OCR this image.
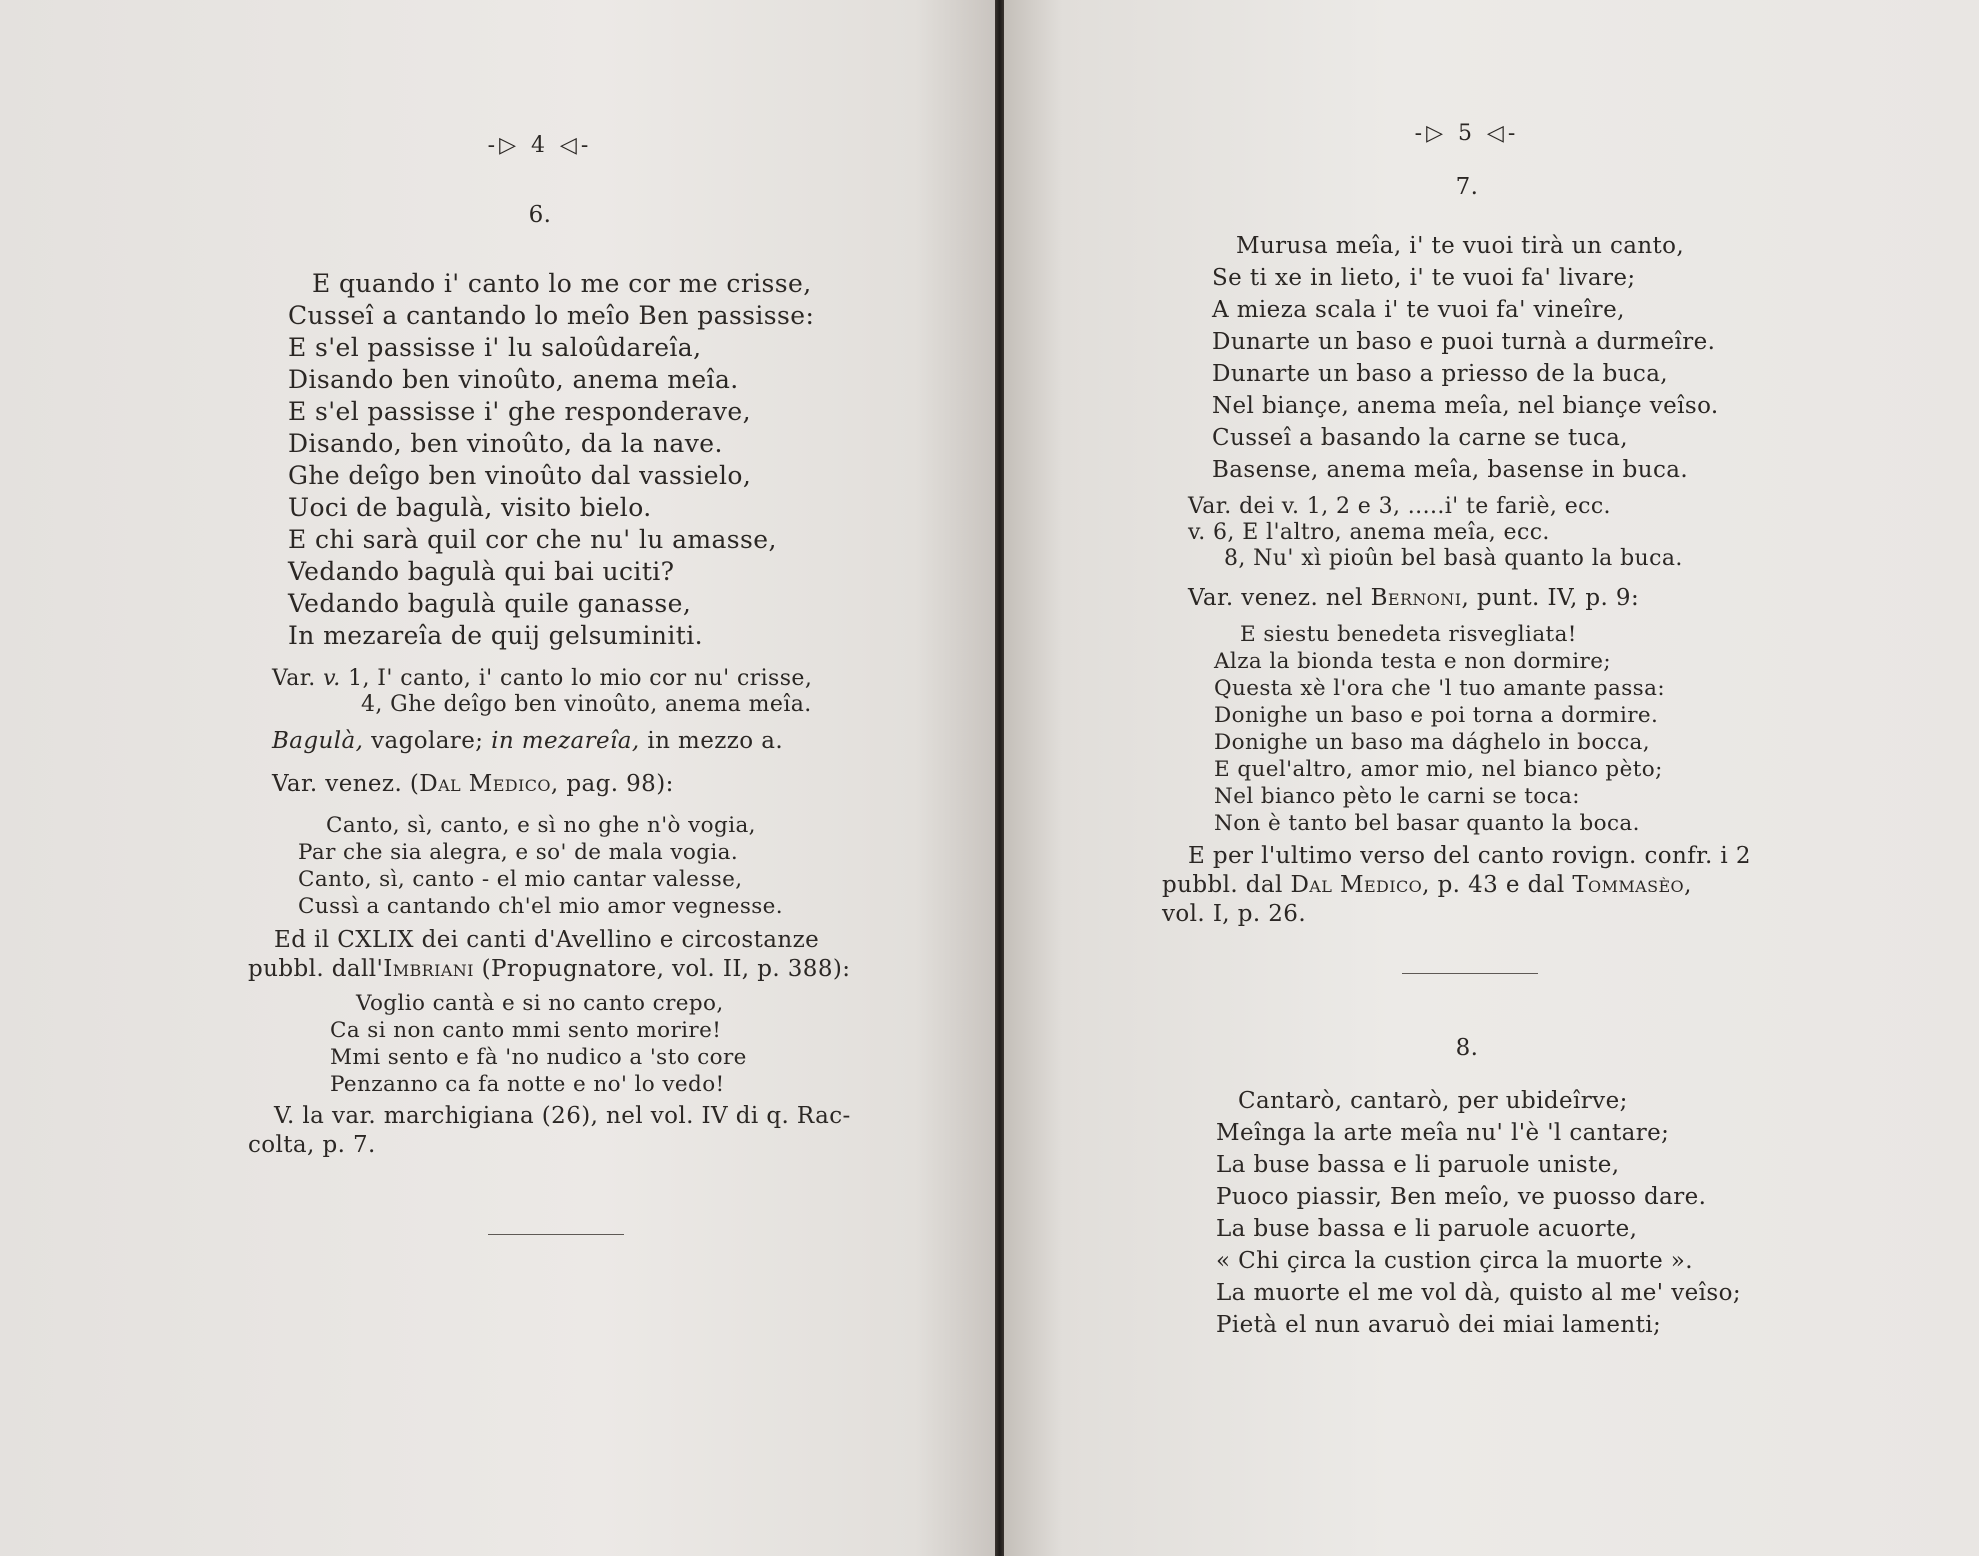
-▷ 4 ◁-
6.
E quando i' canto lo me cor me crisse,
Cusseî a cantando lo meîo Ben passisse:
E s'el passisse i' lu saloûdareîa,
Disando ben vinoûto, anema meîa.
E s'el passisse i' ghe responderave,
Disando, ben vinoûto, da la nave.
Ghe deîgo ben vinoûto dal vassielo,
Uoci de bagulà, visito bielo.
E chi sarà quil cor che nu' lu amasse,
Vedando bagulà qui bai uciti?
Vedando bagulà quile ganasse,
In mezareîa de quij gelsuminiti.
Var. v. 1, I' canto, i' canto lo mio cor nu' crisse,
4, Ghe deîgo ben vinoûto, anema meîa.
Bagulà, vagolare; in mezareîa, in mezzo a.
Var. venez. (Dal Medico, pag. 98):
Canto, sì, canto, e sì no ghe n'ò vogia,
Par che sia alegra, e so' de mala vogia.
Canto, sì, canto - el mio cantar valesse,
Cussì a cantando ch'el mio amor vegnesse.
Ed il CXLIX dei canti d'Avellino e circostanze
pubbl. dall'Imbriani (Propugnatore, vol. II, p. 388):
Voglio cantà e si no canto crepo,
Ca si non canto mmi sento morire!
Mmi sento e fà 'no nudico a 'sto core
Penzanno ca fa notte e no' lo vedo!
V. la var. marchigiana (26), nel vol. IV di q. Rac-
colta, p. 7.
-▷ 5 ◁-
7.
Murusa meîa, i' te vuoi tirà un canto,
Se ti xe in lieto, i' te vuoi fa' livare;
A mieza scala i' te vuoi fa' vineîre,
Dunarte un baso e puoi turnà a durmeîre.
Dunarte un baso a priesso de la buca,
Nel biançe, anema meîa, nel biançe veîso.
Cusseî a basando la carne se tuca,
Basense, anema meîa, basense in buca.
Var. dei v. 1, 2 e 3, .....i' te fariè, ecc.
v. 6, E l'altro, anema meîa, ecc.
8, Nu' xì pioûn bel basà quanto la buca.
Var. venez. nel Bernoni, punt. IV, p. 9:
E siestu benedeta risvegliata!
Alza la bionda testa e non dormire;
Questa xè l'ora che 'l tuo amante passa:
Donighe un baso e poi torna a dormire.
Donighe un baso ma dághelo in bocca,
E quel'altro, amor mio, nel bianco pèto;
Nel bianco pèto le carni se toca:
Non è tanto bel basar quanto la boca.
E per l'ultimo verso del canto rovign. confr. i 2
pubbl. dal Dal Medico, p. 43 e dal Tommasèo,
vol. I, p. 26.
8.
Cantarò, cantarò, per ubideîrve;
Meînga la arte meîa nu' l'è 'l cantare;
La buse bassa e li paruole uniste,
Puoco piassir, Ben meîo, ve puosso dare.
La buse bassa e li paruole acuorte,
« Chi çirca la custion çirca la muorte ».
La muorte el me vol dà, quisto al me' veîso;
Pietà el nun avaruò dei miai lamenti;
